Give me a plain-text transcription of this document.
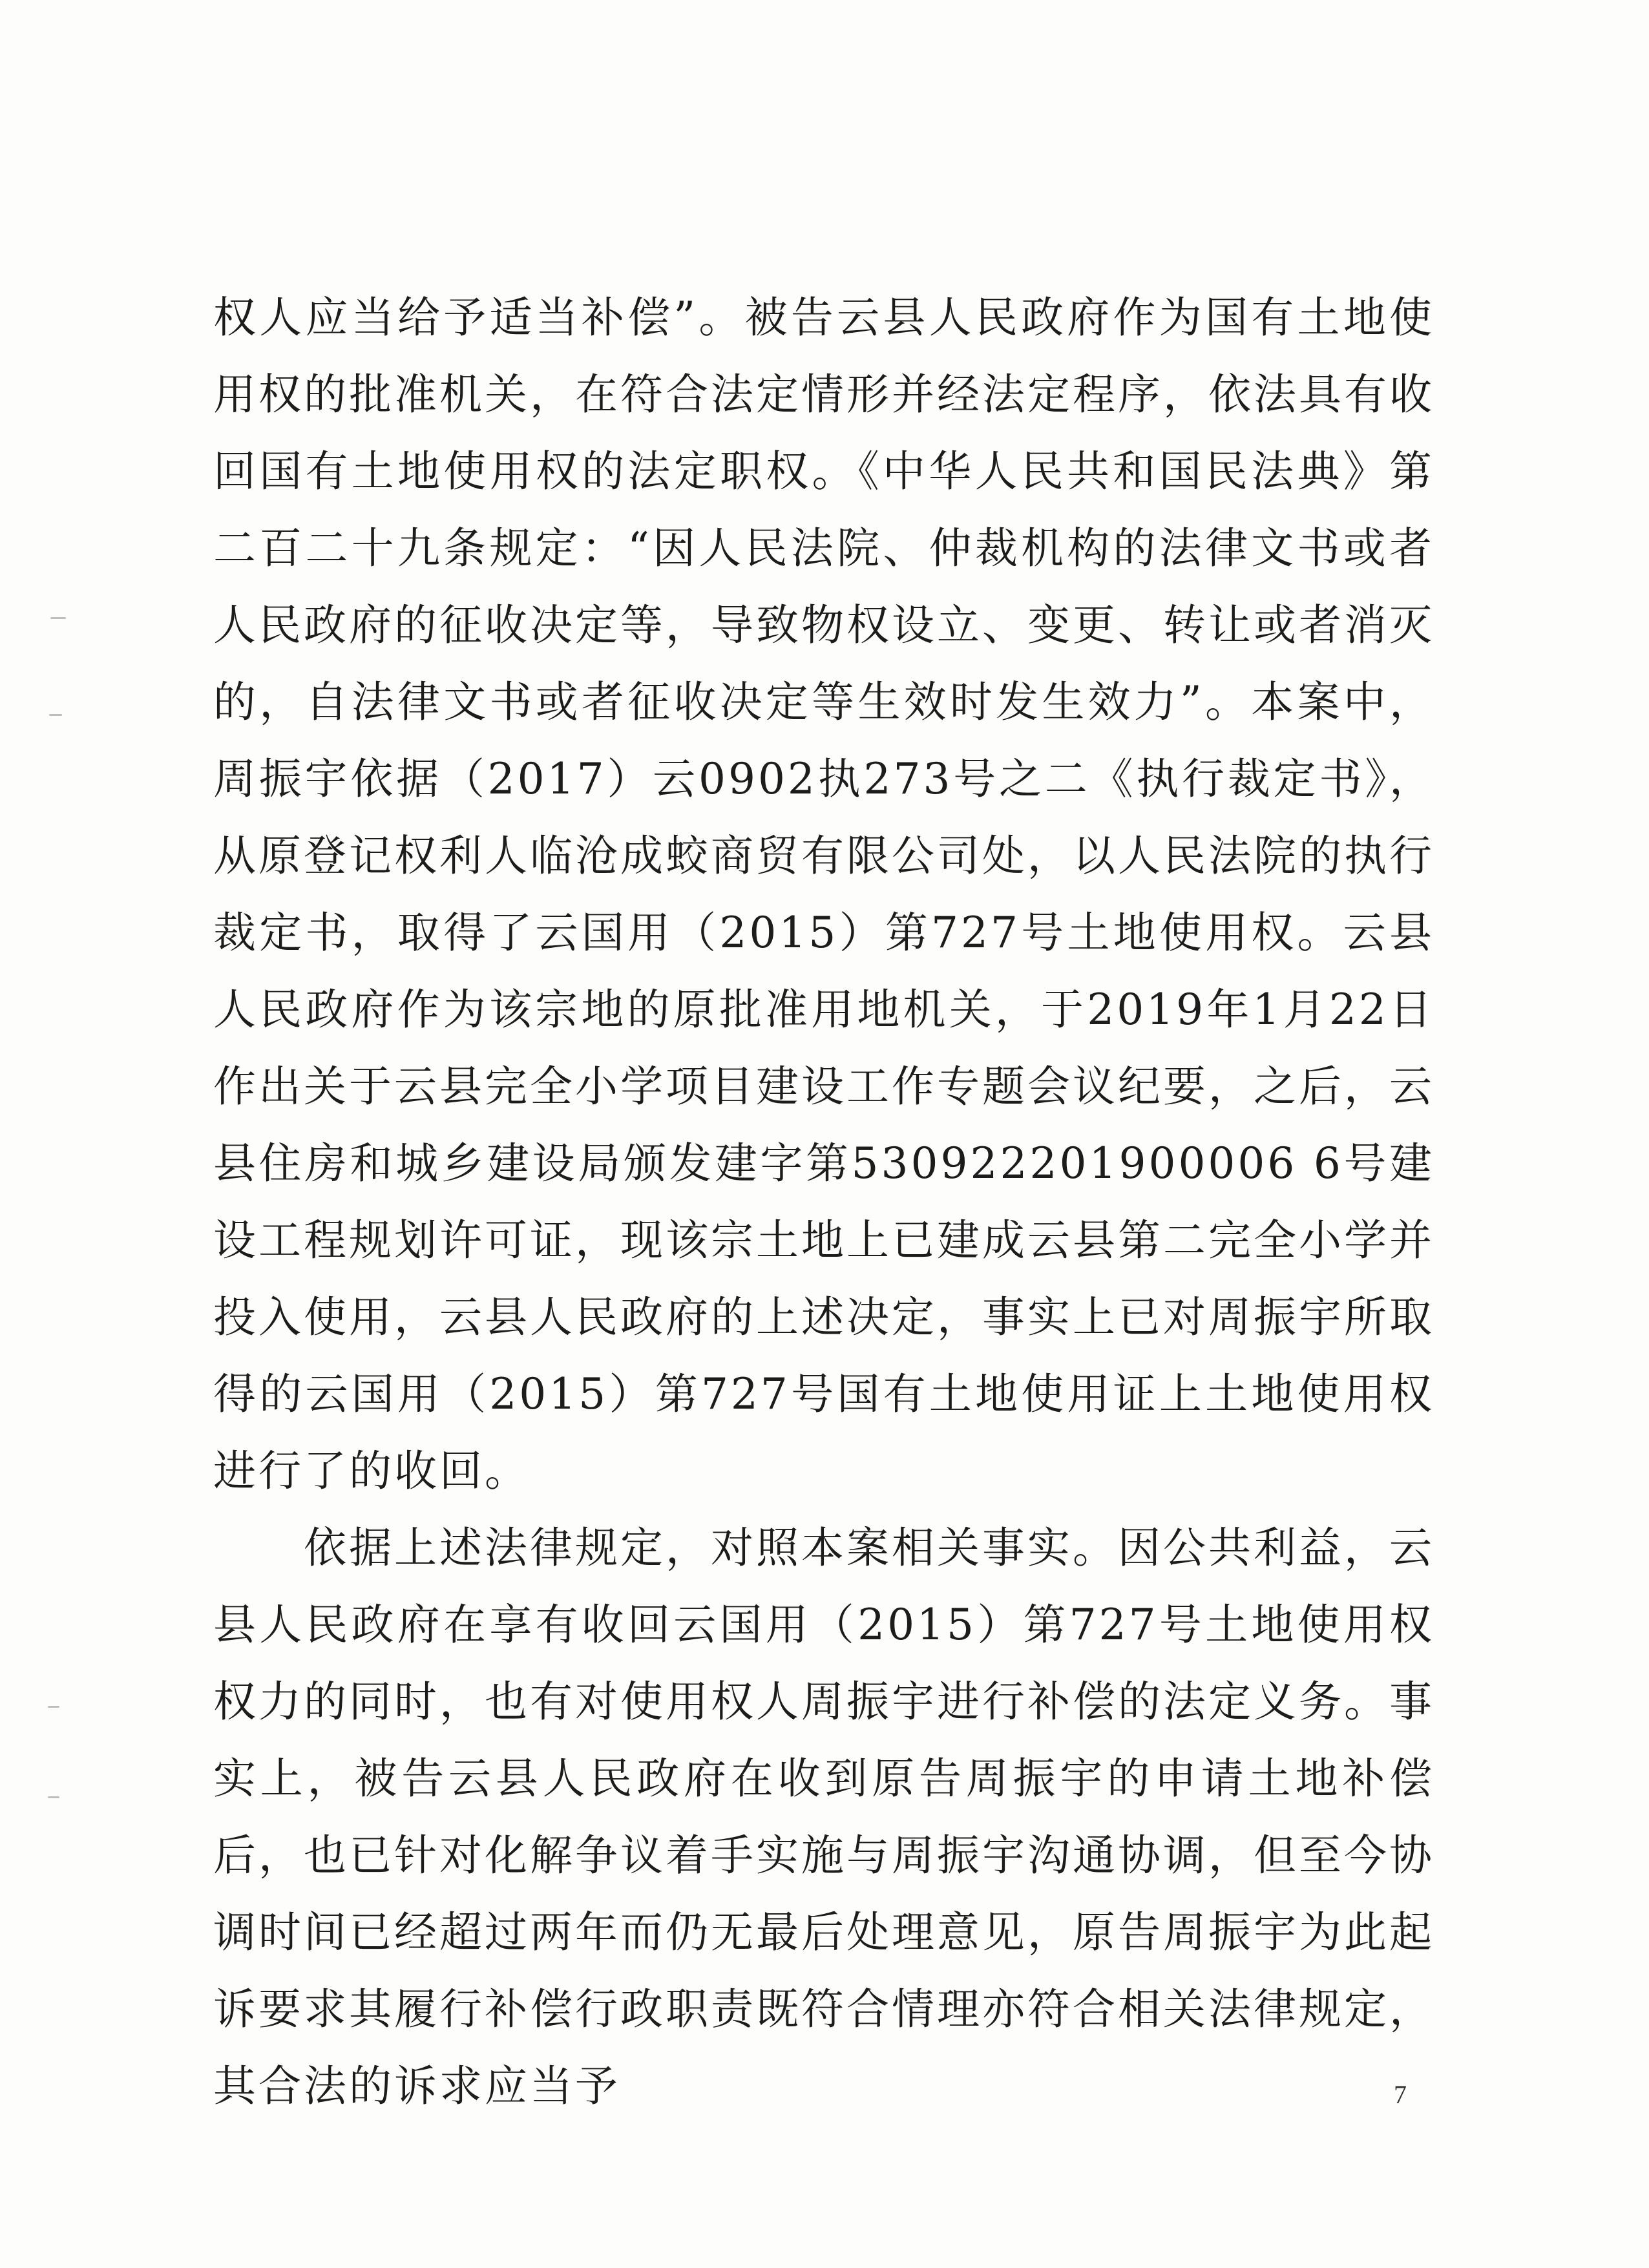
权人应当给予适当补偿”。被告云县人民政府作为国有土地使用权的批准机关，在符合法定情形并经法定程序，依法具有收回国有土地使用权的法定职权。《中华人民共和国民法典》第二百二十九条规定：“因人民法院、仲裁机构的法律文书或者人民政府的征收决定等，导致物权设立、变更、转让或者消灭的，自法律文书或者征收决定等生效时发生效力”。本案中，周振宇依据（2017）云0902执273号之二《执行裁定书》，从原登记权利人临沧成蛟商贸有限公司处，以人民法院的执行裁定书，取得了云国用（2015）第727号土地使用权。云县人民政府作为该宗地的原批准用地机关，于2019年1月22日作出关于云县完全小学项目建设工作专题会议纪要，之后，云县住房和城乡建设局颁发建字第530922201900006 6号建设工程规划许可证，现该宗土地上已建成云县第二完全小学并投入使用，云县人民政府的上述决定，事实上已对周振宇所取得的云国用（2015）第727号国有土地使用证上土地使用权进行了的收回。

依据上述法律规定，对照本案相关事实。因公共利益，云县人民政府在享有收回云国用（2015）第727号土地使用权权力的同时，也有对使用权人周振宇进行补偿的法定义务。事实上，被告云县人民政府在收到原告周振宇的申请土地补偿后，也已针对化解争议着手实施与周振宇沟通协调，但至今协调时间已经超过两年而仍无最后处理意见，原告周振宇为此起诉要求其履行补偿行政职责既符合情理亦符合相关法律规定，其合法的诉求应当予	7
